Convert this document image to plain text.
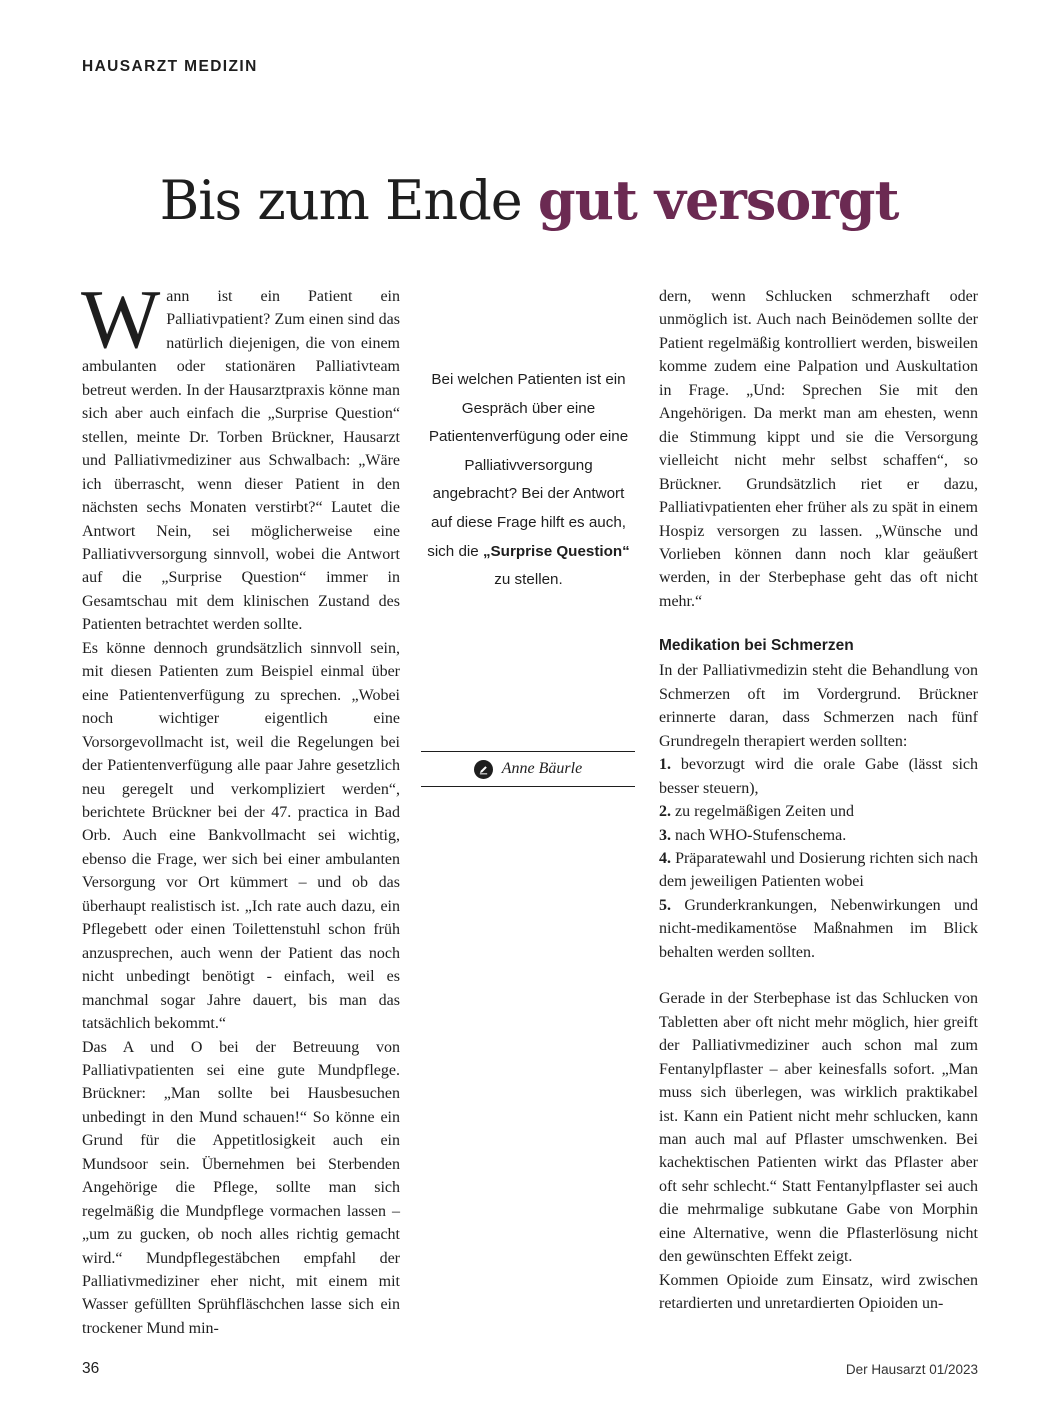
HAUSARZT MEDIZIN
Bis zum Ende gut versorgt
Wann ist ein Patient ein Palliativpatient? Zum einen sind das natürlich diejenigen, die von einem ambulanten oder stationären Palliativteam betreut werden. In der Hausarztpraxis könne man sich aber auch einfach die „Surprise Question“ stellen, meinte Dr. Torben Brückner, Hausarzt und Palliativmediziner aus Schwalbach: „Wäre ich überrascht, wenn dieser Patient in den nächsten sechs Monaten verstirbt?“ Lautet die Antwort Nein, sei möglicherweise eine Palliativversorgung sinnvoll, wobei die Antwort auf die „Surprise Question“ immer in Gesamtschau mit dem klinischen Zustand des Patienten betrachtet werden sollte.
Es könne dennoch grundsätzlich sinnvoll sein, mit diesen Patienten zum Beispiel einmal über eine Patientenverfügung zu sprechen. „Wobei noch wichtiger eigentlich eine Vorsorgevollmacht ist, weil die Regelungen bei der Patientenverfügung alle paar Jahre gesetzlich neu geregelt und verkompliziert werden“, berichtete Brückner bei der 47. practica in Bad Orb. Auch eine Bankvollmacht sei wichtig, ebenso die Frage, wer sich bei einer ambulanten Versorgung vor Ort kümmert – und ob das überhaupt realistisch ist. „Ich rate auch dazu, ein Pflegebett oder einen Toilettenstuhl schon früh anzusprechen, auch wenn der Patient das noch nicht unbedingt benötigt - einfach, weil es manchmal sogar Jahre dauert, bis man das tatsächlich bekommt.“
Das A und O bei der Betreuung von Palliativpatienten sei eine gute Mundpflege. Brückner: „Man sollte bei Hausbesuchen unbedingt in den Mund schauen!“ So könne ein Grund für die Appetitlosigkeit auch ein Mundsoor sein. Übernehmen bei Sterbenden Angehörige die Pflege, sollte man sich regelmäßig die Mundpflege vormachen lassen – „um zu gucken, ob noch alles richtig gemacht wird.“ Mundpflegestäbchen empfahl der Palliativmediziner eher nicht, mit einem mit Wasser gefüllten Sprühfläschchen lasse sich ein trockener Mund min-
Bei welchen Patienten ist ein Gespräch über eine Patientenverfügung oder eine Palliativversorgung angebracht? Bei der Antwort auf diese Frage hilft es auch, sich die „Surprise Question“ zu stellen.
Anne Bäurle
dern, wenn Schlucken schmerzhaft oder unmöglich ist. Auch nach Beinödemen sollte der Patient regelmäßig kontrolliert werden, bisweilen komme zudem eine Palpation und Auskultation in Frage. „Und: Sprechen Sie mit den Angehörigen. Da merkt man am ehesten, wenn die Stimmung kippt und sie die Versorgung vielleicht nicht mehr selbst schaffen“, so Brückner. Grundsätzlich riet er dazu, Palliativpatienten eher früher als zu spät in einem Hospiz versorgen zu lassen. „Wünsche und Vorlieben können dann noch klar geäußert werden, in der Sterbephase geht das oft nicht mehr.“
Medikation bei Schmerzen
In der Palliativmedizin steht die Behandlung von Schmerzen oft im Vordergrund. Brückner erinnerte daran, dass Schmerzen nach fünf Grundregeln therapiert werden sollten:
1. bevorzugt wird die orale Gabe (lässt sich besser steuern),
2. zu regelmäßigen Zeiten und
3. nach WHO-Stufenschema.
4. Präparatewahl und Dosierung richten sich nach dem jeweiligen Patienten wobei
5. Grunderkrankungen, Nebenwirkungen und nicht-medikamentöse Maßnahmen im Blick behalten werden sollten.
Gerade in der Sterbephase ist das Schlucken von Tabletten aber oft nicht mehr möglich, hier greift der Palliativmediziner auch schon mal zum Fentanylpflaster – aber keinesfalls sofort. „Man muss sich überlegen, was wirklich praktikabel ist. Kann ein Patient nicht mehr schlucken, kann man auch mal auf Pflaster umschwenken. Bei kachektischen Patienten wirkt das Pflaster aber oft sehr schlecht.“ Statt Fentanylpflaster sei auch die mehrmalige subkutane Gabe von Morphin eine Alternative, wenn die Pflasterlösung nicht den gewünschten Effekt zeigt.
Kommen Opioide zum Einsatz, wird zwischen retardierten und unretardierten Opioiden un-
36	Der Hausarzt 01/2023
